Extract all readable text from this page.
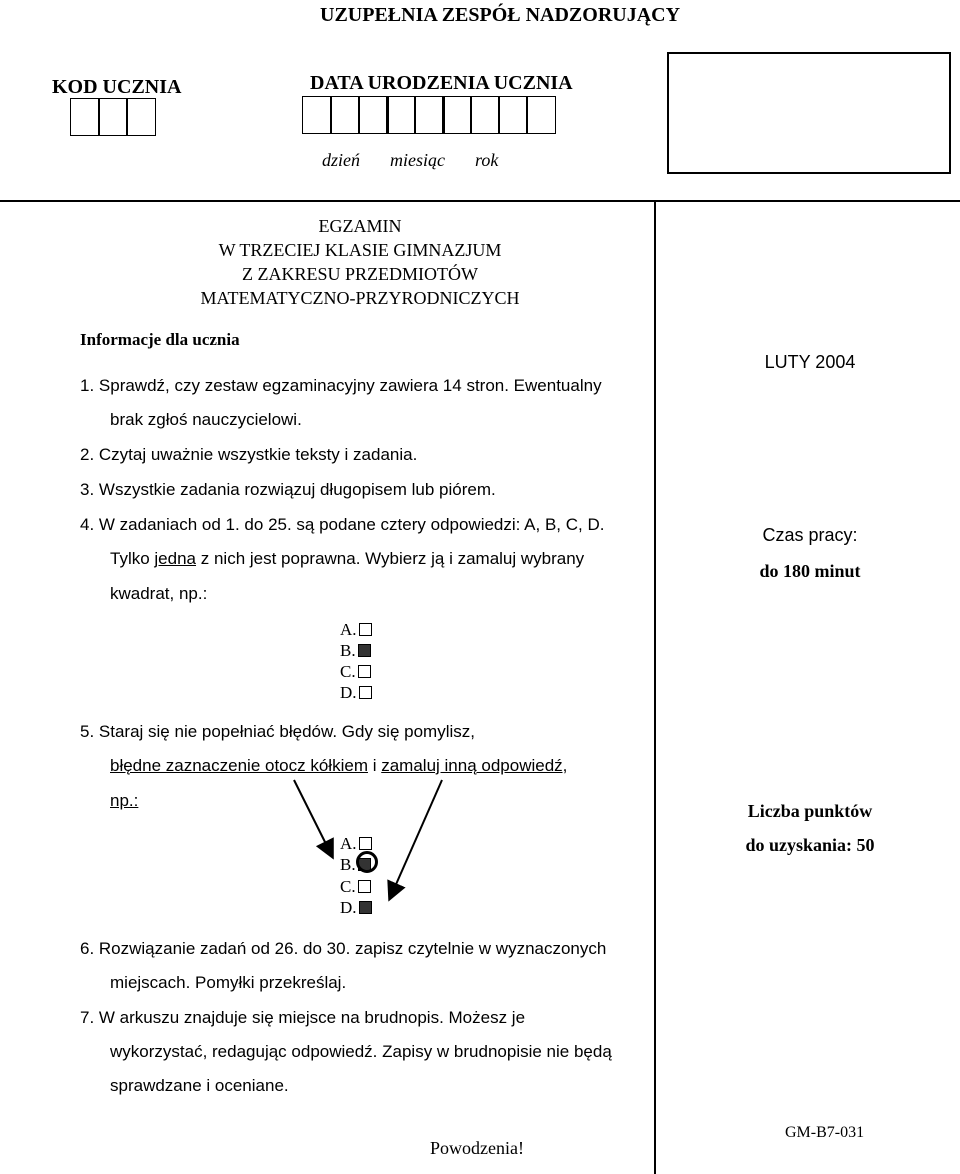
UZUPEŁNIA ZESPÓŁ NADZORUJĄCY
KOD UCZNIA	DATA URODZENIA UCZNIA
dzień miesiąc rok
EGZAMIN
W TRZECIEJ KLASIE GIMNAZJUM
Z ZAKRESU PRZEDMIOTÓW
MATEMATYCZNO-PRZYRODNICZYCH
Informacje dla ucznia
1. Sprawdź, czy zestaw egzaminacyjny zawiera 14 stron. Ewentualny
brak zgłoś nauczycielowi.
2. Czytaj uważnie wszystkie teksty i zadania.
3. Wszystkie zadania rozwiązuj długopisem lub piórem.
4. W zadaniach od 1. do 25. są podane cztery odpowiedzi: A, B, C, D.
Tylko jedna z nich jest poprawna. Wybierz ją i zamaluj wybrany
kwadrat, np.:
A.
B.
C.
D.
5. Staraj się nie popełniać błędów. Gdy się pomylisz,
błędne zaznaczenie otocz kółkiem i zamaluj inną odpowiedź,
np.:
A.
B.
C.
D.
6. Rozwiązanie zadań od 26. do 30. zapisz czytelnie w wyznaczonych
miejscach. Pomyłki przekreślaj.
7. W arkuszu znajduje się miejsce na brudnopis. Możesz je
wykorzystać, redagując odpowiedź. Zapisy w brudnopisie nie będą
sprawdzane i oceniane.
Powodzenia!
LUTY 2004
Czas pracy:
do 180 minut
Liczba punktów
do uzyskania: 50
GM-B7-031
